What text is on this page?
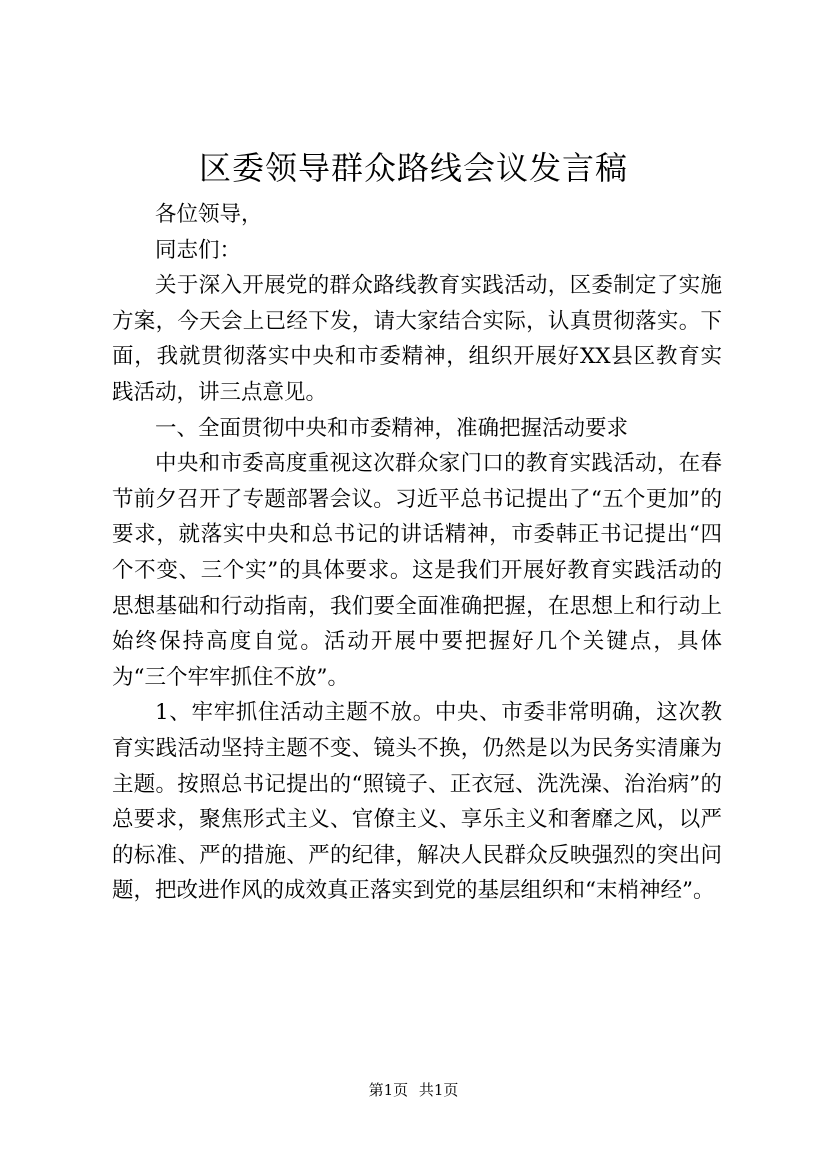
区委领导群众路线会议发言稿

各位领导，

同志们：

关于深入开展党的群众路线教育实践活动，区委制定了实施方案，今天会上已经下发，请大家结合实际，认真贯彻落实。下面，我就贯彻落实中央和市委精神，组织开展好XX县区教育实践活动，讲三点意见。

一、全面贯彻中央和市委精神，准确把握活动要求

中央和市委高度重视这次群众家门口的教育实践活动，在春节前夕召开了专题部署会议。习近平总书记提出了“五个更加”的要求，就落实中央和总书记的讲话精神，市委韩正书记提出“四个不变、三个实”的具体要求。这是我们开展好教育实践活动的思想基础和行动指南，我们要全面准确把握，在思想上和行动上始终保持高度自觉。活动开展中要把握好几个关键点，具体为“三个牢牢抓住不放”。

1、牢牢抓住活动主题不放。中央、市委非常明确，这次教育实践活动坚持主题不变、镜头不换，仍然是以为民务实清廉为主题。按照总书记提出的“照镜子、正衣冠、洗洗澡、治治病”的总要求，聚焦形式主义、官僚主义、享乐主义和奢靡之风，以严的标准、严的措施、严的纪律，解决人民群众反映强烈的突出问题，把改进作风的成效真正落实到党的基层组织和“末梢神经”。

第1页 共1页
